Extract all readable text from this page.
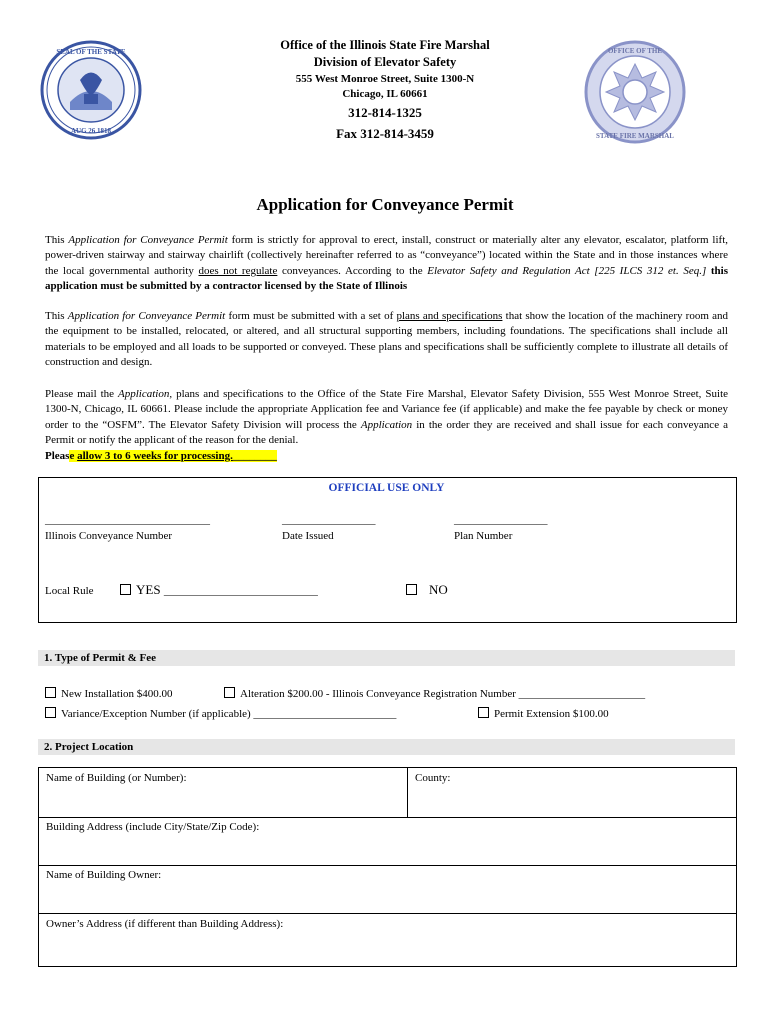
SEAL OF THE STATE
AUG 26 1818
OFFICE OF THE
STATE FIRE MARSHAL
Office of the Illinois State Fire Marshal
Division of Elevator Safety
555 West Monroe Street, Suite 1300-N
Chicago, IL 60661
312-814-1325
Fax 312-814-3459
Application for Conveyance Permit
This Application for Conveyance Permit form is strictly for approval to erect, install, construct or materially alter any elevator, escalator, platform lift, power-driven stairway and stairway chairlift (collectively hereinafter referred to as “conveyance”) located within the State and in those instances where the local governmental authority does not regulate conveyances. According to the Elevator Safety and Regulation Act [225 ILCS 312 et. Seq.] this application must be submitted by a contractor licensed by the State of Illinois
This Application for Conveyance Permit form must be submitted with a set of plans and specifications that show the location of the machinery room and the equipment to be installed, relocated, or altered, and all structural supporting members, including foundations. The specifications shall include all materials to be employed and all loads to be supported or conveyed. These plans and specifications shall be sufficiently complete to illustrate all details of construction and design.
Please mail the Application, plans and specifications to the Office of the State Fire Marshal, Elevator Safety Division, 555 West Monroe Street, Suite 1300-N, Chicago, IL 60661. Please include the appropriate Application fee and Variance fee (if applicable) and make the fee payable by check or money order to the “OSFM”. The Elevator Safety Division will process the Application in the order they are received and shall issue for each conveyance a Permit or notify the applicant of the reason for the denial.
Please allow 3 to 6 weeks for processing.________
OFFICIAL USE ONLY
______________________________	_________________	_________________
Illinois Conveyance Number	Date Issued	Plan Number
Local Rule	YES ____________________________	NO
1. Type of Permit & Fee
New Installation $400.00	Alteration $200.00 - Illinois Conveyance Registration Number _______________________
Variance/Exception Number (if applicable) __________________________	Permit Extension $100.00
2. Project Location
Name of Building (or Number):	County:
Building Address (include City/State/Zip Code):
Name of Building Owner:
Owner’s Address (if different than Building Address):
